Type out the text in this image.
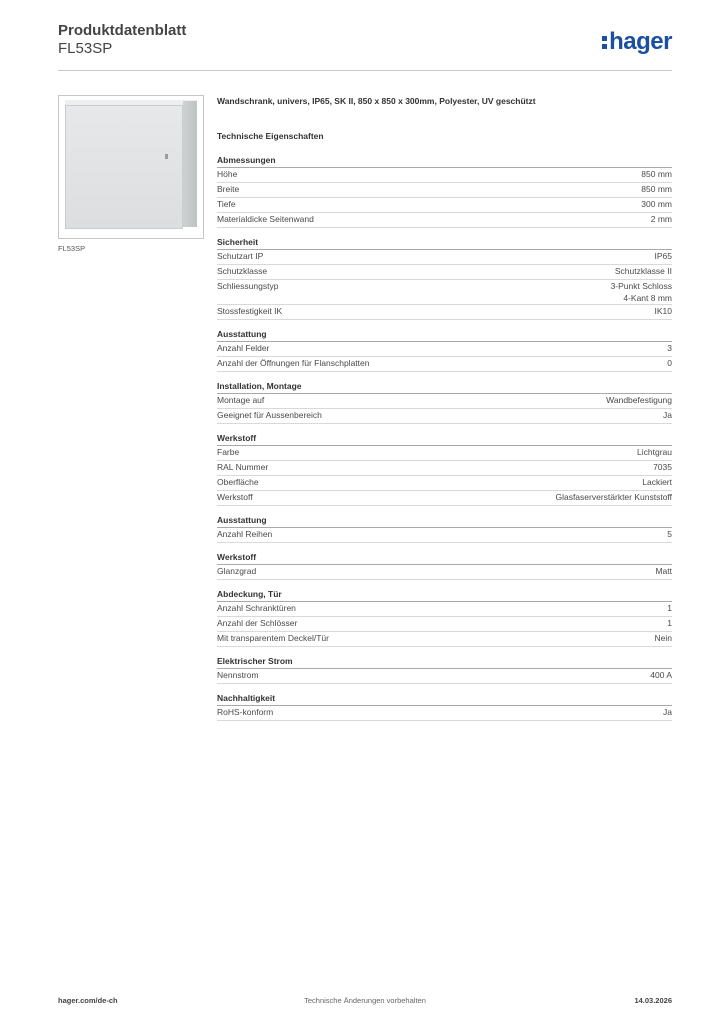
Produktdatenblatt
FL53SP	hager
FL53SP
Wandschrank, univers, IP65, SK II, 850 x 850 x 300mm, Polyester, UV geschützt
Technische Eigenschaften
Abmessungen
Höhe	850 mm
Breite	850 mm
Tiefe	300 mm
Materialdicke Seitenwand	2 mm
Sicherheit
Schutzart IP	IP65
Schutzklasse	Schutzklasse II
Schliessungstyp	3-Punkt Schloss
4-Kant 8 mm
Stossfestigkeit IK	IK10
Ausstattung
Anzahl Felder	3
Anzahl der Öffnungen für Flanschplatten	0
Installation, Montage
Montage auf	Wandbefestigung
Geeignet für Aussenbereich	Ja
Werkstoff
Farbe	Lichtgrau
RAL Nummer	7035
Oberfläche	Lackiert
Werkstoff	Glasfaserverstärkter Kunststoff
Ausstattung
Anzahl Reihen	5
Werkstoff
Glanzgrad	Matt
Abdeckung, Tür
Anzahl Schranktüren	1
Anzahl der Schlösser	1
Mit transparentem Deckel/Tür	Nein
Elektrischer Strom
Nennstrom	400 A
Nachhaltigkeit
RoHS-konform	Ja
hager.com/de-ch	Technische Änderungen vorbehalten	14.03.2026
